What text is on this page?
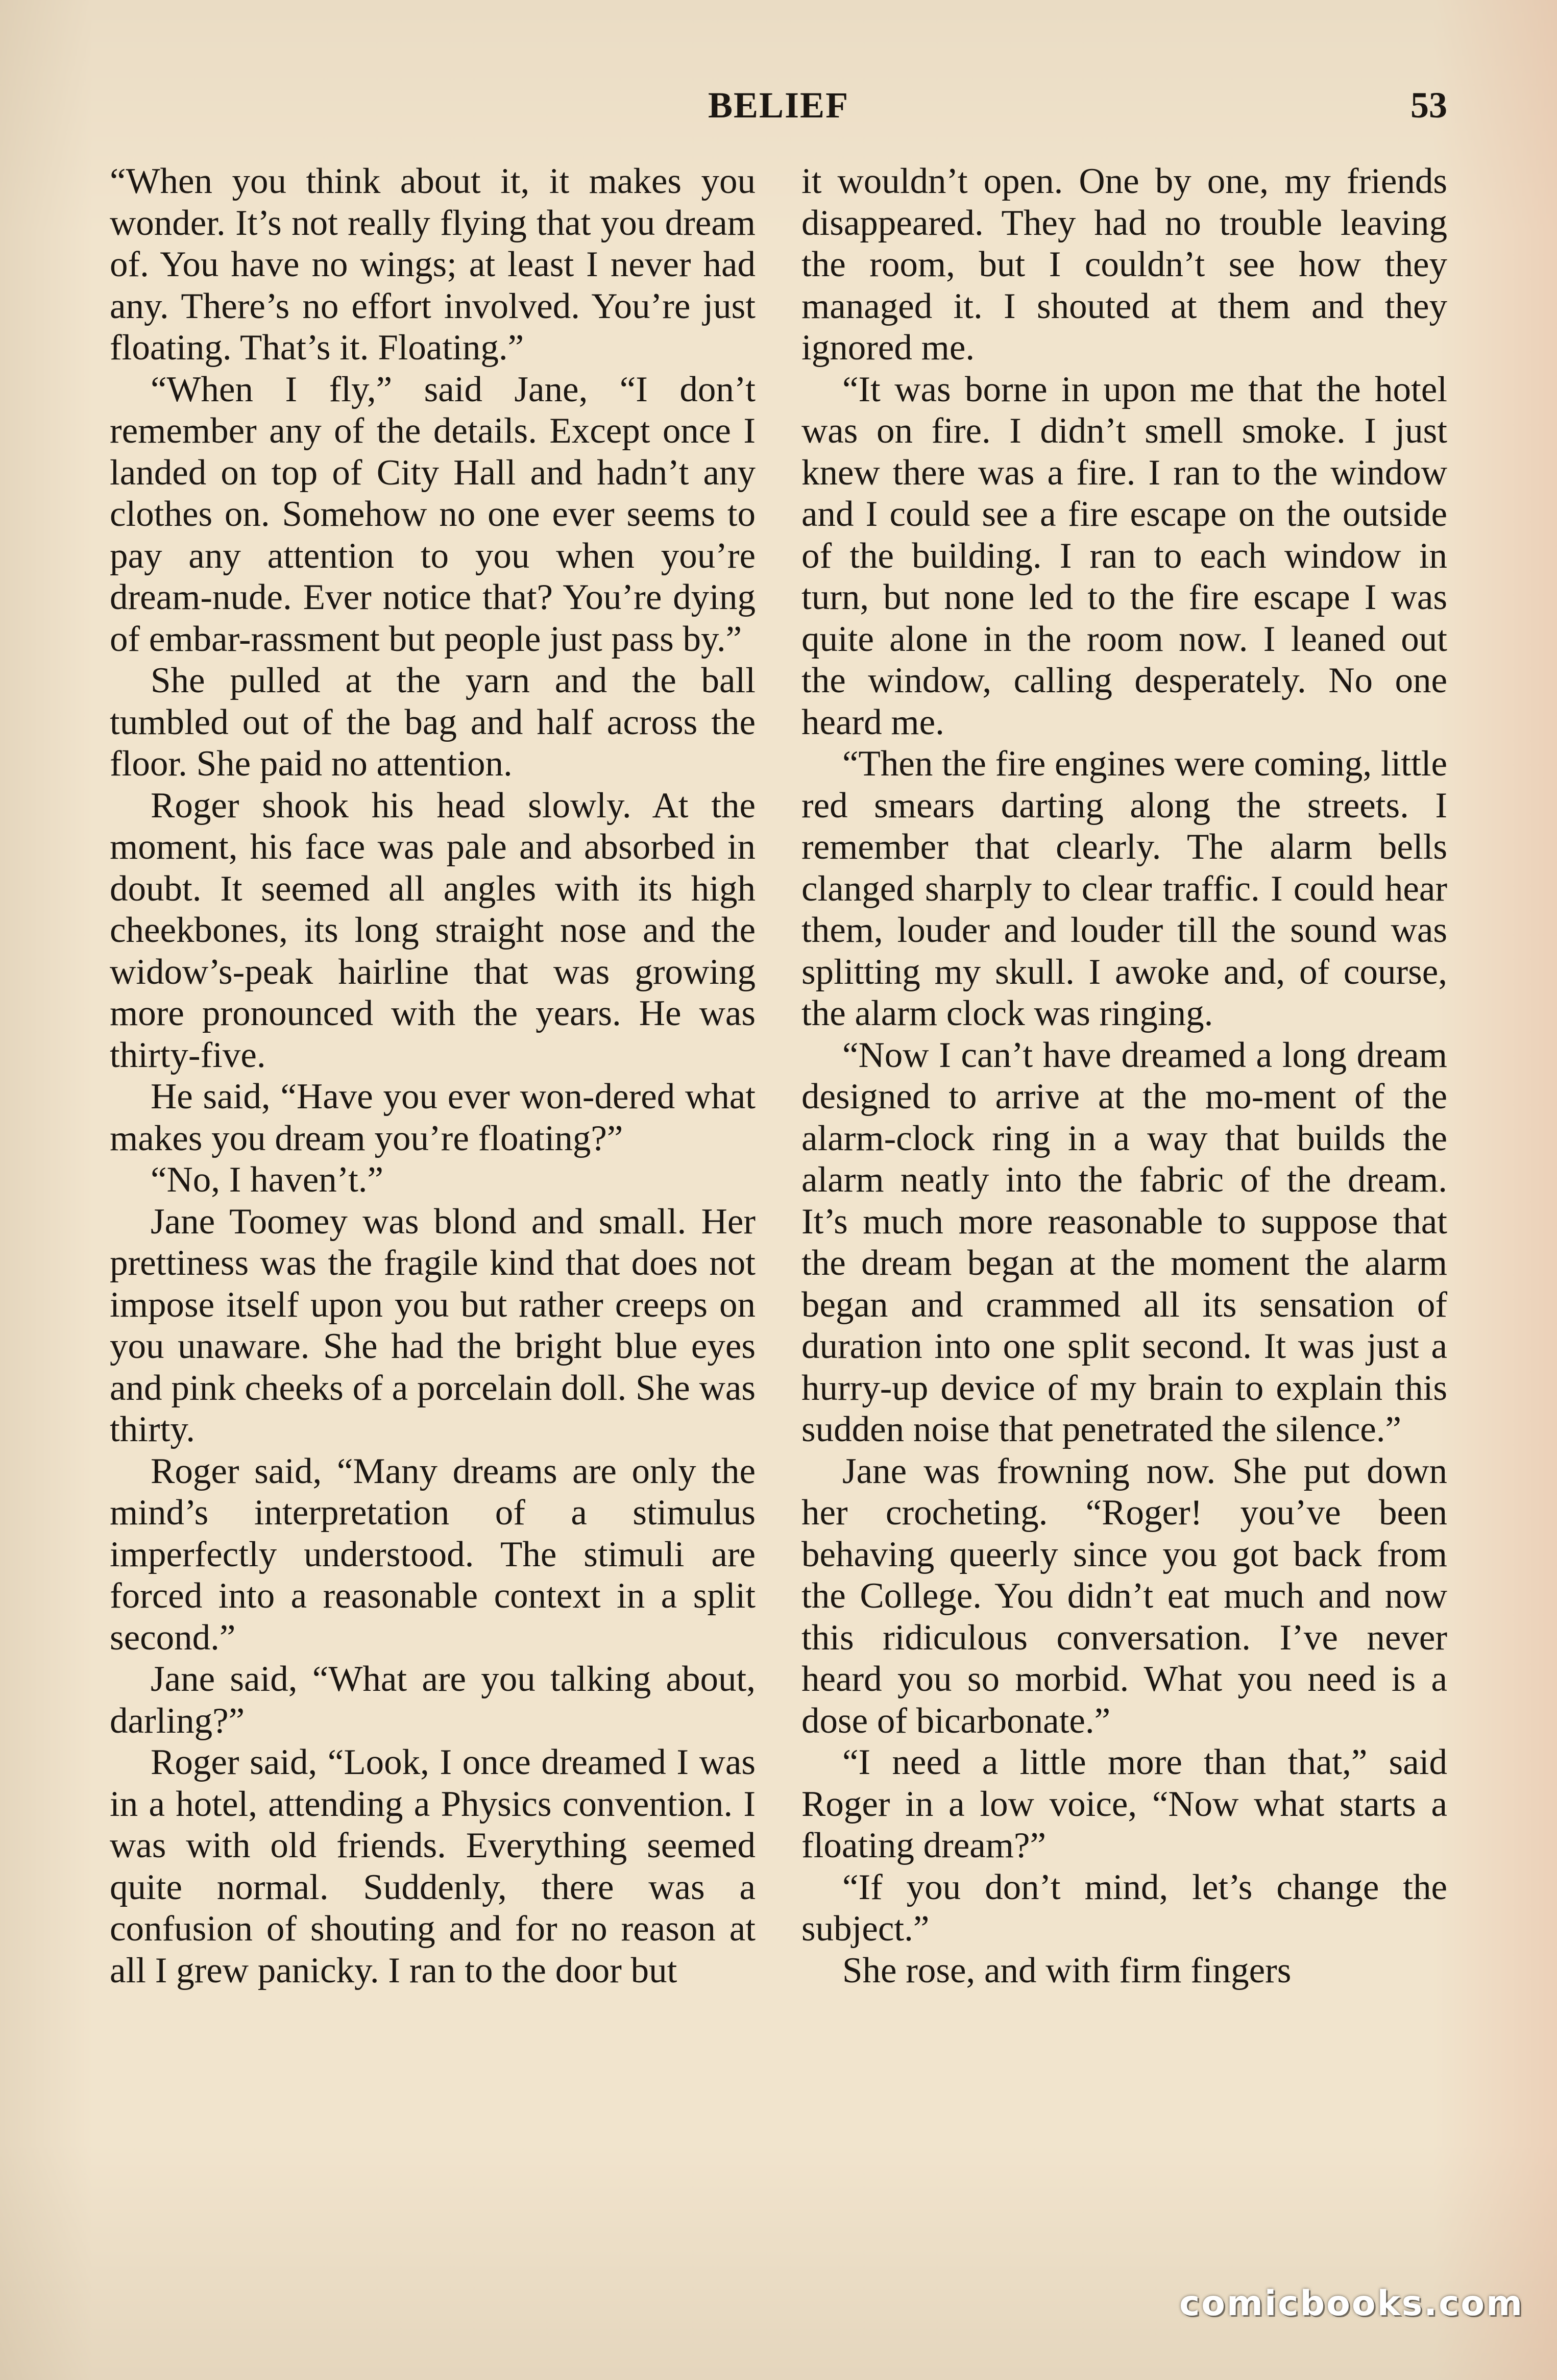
BELIEF	53

“When you think about it, it makes you wonder. It’s not really flying that you dream of. You have no wings; at least I never had any. There’s no effort involved. You’re just floating. That’s it. Floating.”

“When I fly,” said Jane, “I don’t remember any of the details. Except once I landed on top of City Hall and hadn’t any clothes on. Somehow no one ever seems to pay any attention to you when you’re dream-nude. Ever notice that? You’re dying of embar-rassment but people just pass by.”

She pulled at the yarn and the ball tumbled out of the bag and half across the floor. She paid no attention.

Roger shook his head slowly. At the moment, his face was pale and absorbed in doubt. It seemed all angles with its high cheekbones, its long straight nose and the widow’s-peak hairline that was growing more pronounced with the years. He was thirty-five.

He said, “Have you ever won-dered what makes you dream you’re floating?”

“No, I haven’t.”

Jane Toomey was blond and small. Her prettiness was the fragile kind that does not impose itself upon you but rather creeps on you unaware. She had the bright blue eyes and pink cheeks of a porcelain doll. She was thirty.

Roger said, “Many dreams are only the mind’s interpretation of a stimulus imperfectly understood. The stimuli are forced into a reasonable context in a split second.”

Jane said, “What are you talking about, darling?”

Roger said, “Look, I once dreamed I was in a hotel, attending a Physics convention. I was with old friends. Everything seemed quite normal. Suddenly, there was a confusion of shouting and for no reason at all I grew panicky. I ran to the door but

it wouldn’t open. One by one, my friends disappeared. They had no trouble leaving the room, but I couldn’t see how they managed it. I shouted at them and they ignored me.

“It was borne in upon me that the hotel was on fire. I didn’t smell smoke. I just knew there was a fire. I ran to the window and I could see a fire escape on the outside of the building. I ran to each window in turn, but none led to the fire escape I was quite alone in the room now. I leaned out the window, calling desperately. No one heard me.

“Then the fire engines were coming, little red smears darting along the streets. I remember that clearly. The alarm bells clanged sharply to clear traffic. I could hear them, louder and louder till the sound was splitting my skull. I awoke and, of course, the alarm clock was ringing.

“Now I can’t have dreamed a long dream designed to arrive at the mo-ment of the alarm-clock ring in a way that builds the alarm neatly into the fabric of the dream. It’s much more reasonable to suppose that the dream began at the moment the alarm began and crammed all its sensation of duration into one split second. It was just a hurry-up device of my brain to explain this sudden noise that penetrated the silence.”

Jane was frowning now. She put down her crocheting. “Roger! you’ve been behaving queerly since you got back from the College. You didn’t eat much and now this ridiculous conversation. I’ve never heard you so morbid. What you need is a dose of bicarbonate.”

“I need a little more than that,” said Roger in a low voice, “Now what starts a floating dream?”

“If you don’t mind, let’s change the subject.”

She rose, and with firm fingers

comicbooks.com
